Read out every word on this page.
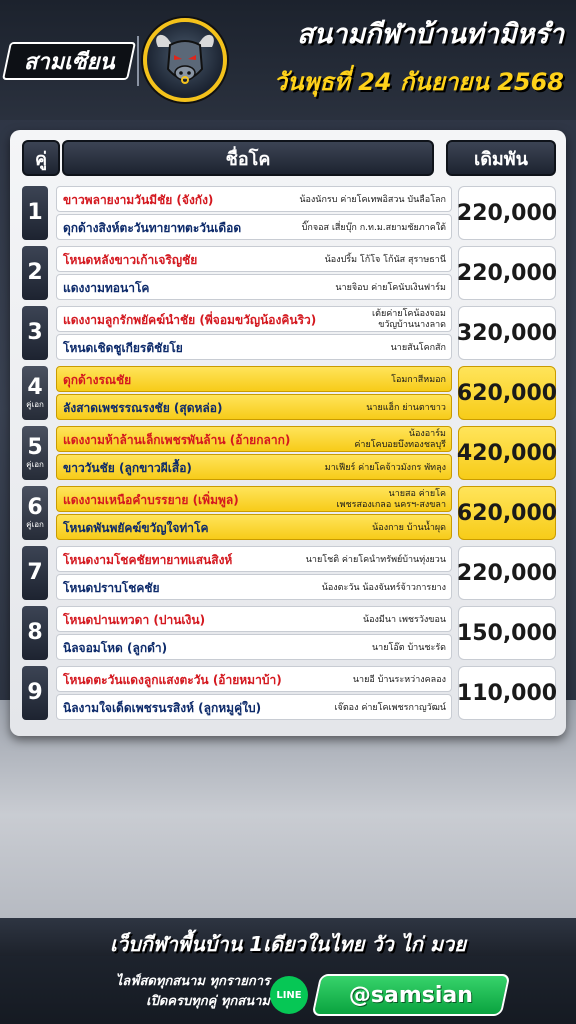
สามเซียน
สนามกีฬาบ้านท่ามิหรำ
วันพุธที่ 24 กันยายน 2568
คู่	ชื่อโค	เดิมพัน
1 ขาวพลายงามวันมีชัย (จังกัง)	น้องนักรบ ค่ายโคเทพอิสวน บันลือโลก
ดุกด้างสิงห์ตะวันทายาทตะวันเดือด	บิ๊กจอส เสี่ยบุ๊ก ก.ท.ม.สยามชัยภาคใต้
220,000
2 โหนดหลังขาวเก้าเจริญชัย	น้องปริ้ม โก้โจ โก้นัส สุราษธานี
แดงงามทอนาโค	นายจิอบ ค่ายโคนับเงินฟาร์ม
220,000
3 แดงงามลูกรักพยัคฆ์นำชัย (พี่จอมขวัญน้องคินริว)	เต้ยค่ายโคน้องจอม
ขวัญบ้านนางลาด
โหนดเชิดชูเกียรติชัยโย	นายสันโคกสัก
320,000
4
คู่เอก
ดุกด้างรณชัย	โอมกาสีหมอก
ลังสาดเพชรรณรงชัย (สุดหล่อ)	นายแฮ็ก ย่านตาขาว
620,000
5
คู่เอก
แดงงามห้าล้านเล็กเพชรพันล้าน (อ้ายกลาก)	น้องอาร์ม
ค่ายโคบอยบึงทองชลบุรี
ขาววันชัย (ลูกขาวผีเสื้อ)	มาเฟียร์ ค่ายโคจ้าวมังกร พัทลุง
420,000
6
คู่เอก
แดงงามเหนือคำบรรยาย (เพิ่มพูล)	นายสอ ค่ายโค
เพชรสองเกลอ นครฯ-สงขลา
โหนดพันพยัคฆ์ขวัญใจท่าโค	น้องกาย บ้านน้ำผุด
620,000
7 โหนดงามโชคชัยทายาทแสนสิงห์	นายโชติ ค่ายโคนำทรัพย์บ้านทุ่งยวน
โหนดปราบโชคชัย	น้องตะวัน น้องจันทร์จ้าวการยาง
220,000
8 โหนดปานเทวดา (ปานเงิน)	น้องมีนา เพชรวังขอน
นิลจอมโหด (ลูกดำ)	นายโอ๊ต บ้านชะรัด
150,000
9 โหนดตะวันแดงลูกแสงตะวัน (อ้ายหมาบ้า)	นายอี บ้านระหว่างคลอง
นิลงามใจเด็ดเพชรนรสิงห์ (ลูกหมูคู่ใบ)	เจ๊ตอง ค่ายโคเพชรกาญวัฒน์
110,000
เว็บกีฬาพื้นบ้าน 1เดียวในไทย วัว ไก่ มวย
ไลฟ์สดทุกสนาม ทุกรายการ
เปิดครบทุกคู่ ทุกสนาม LINE @samsian
